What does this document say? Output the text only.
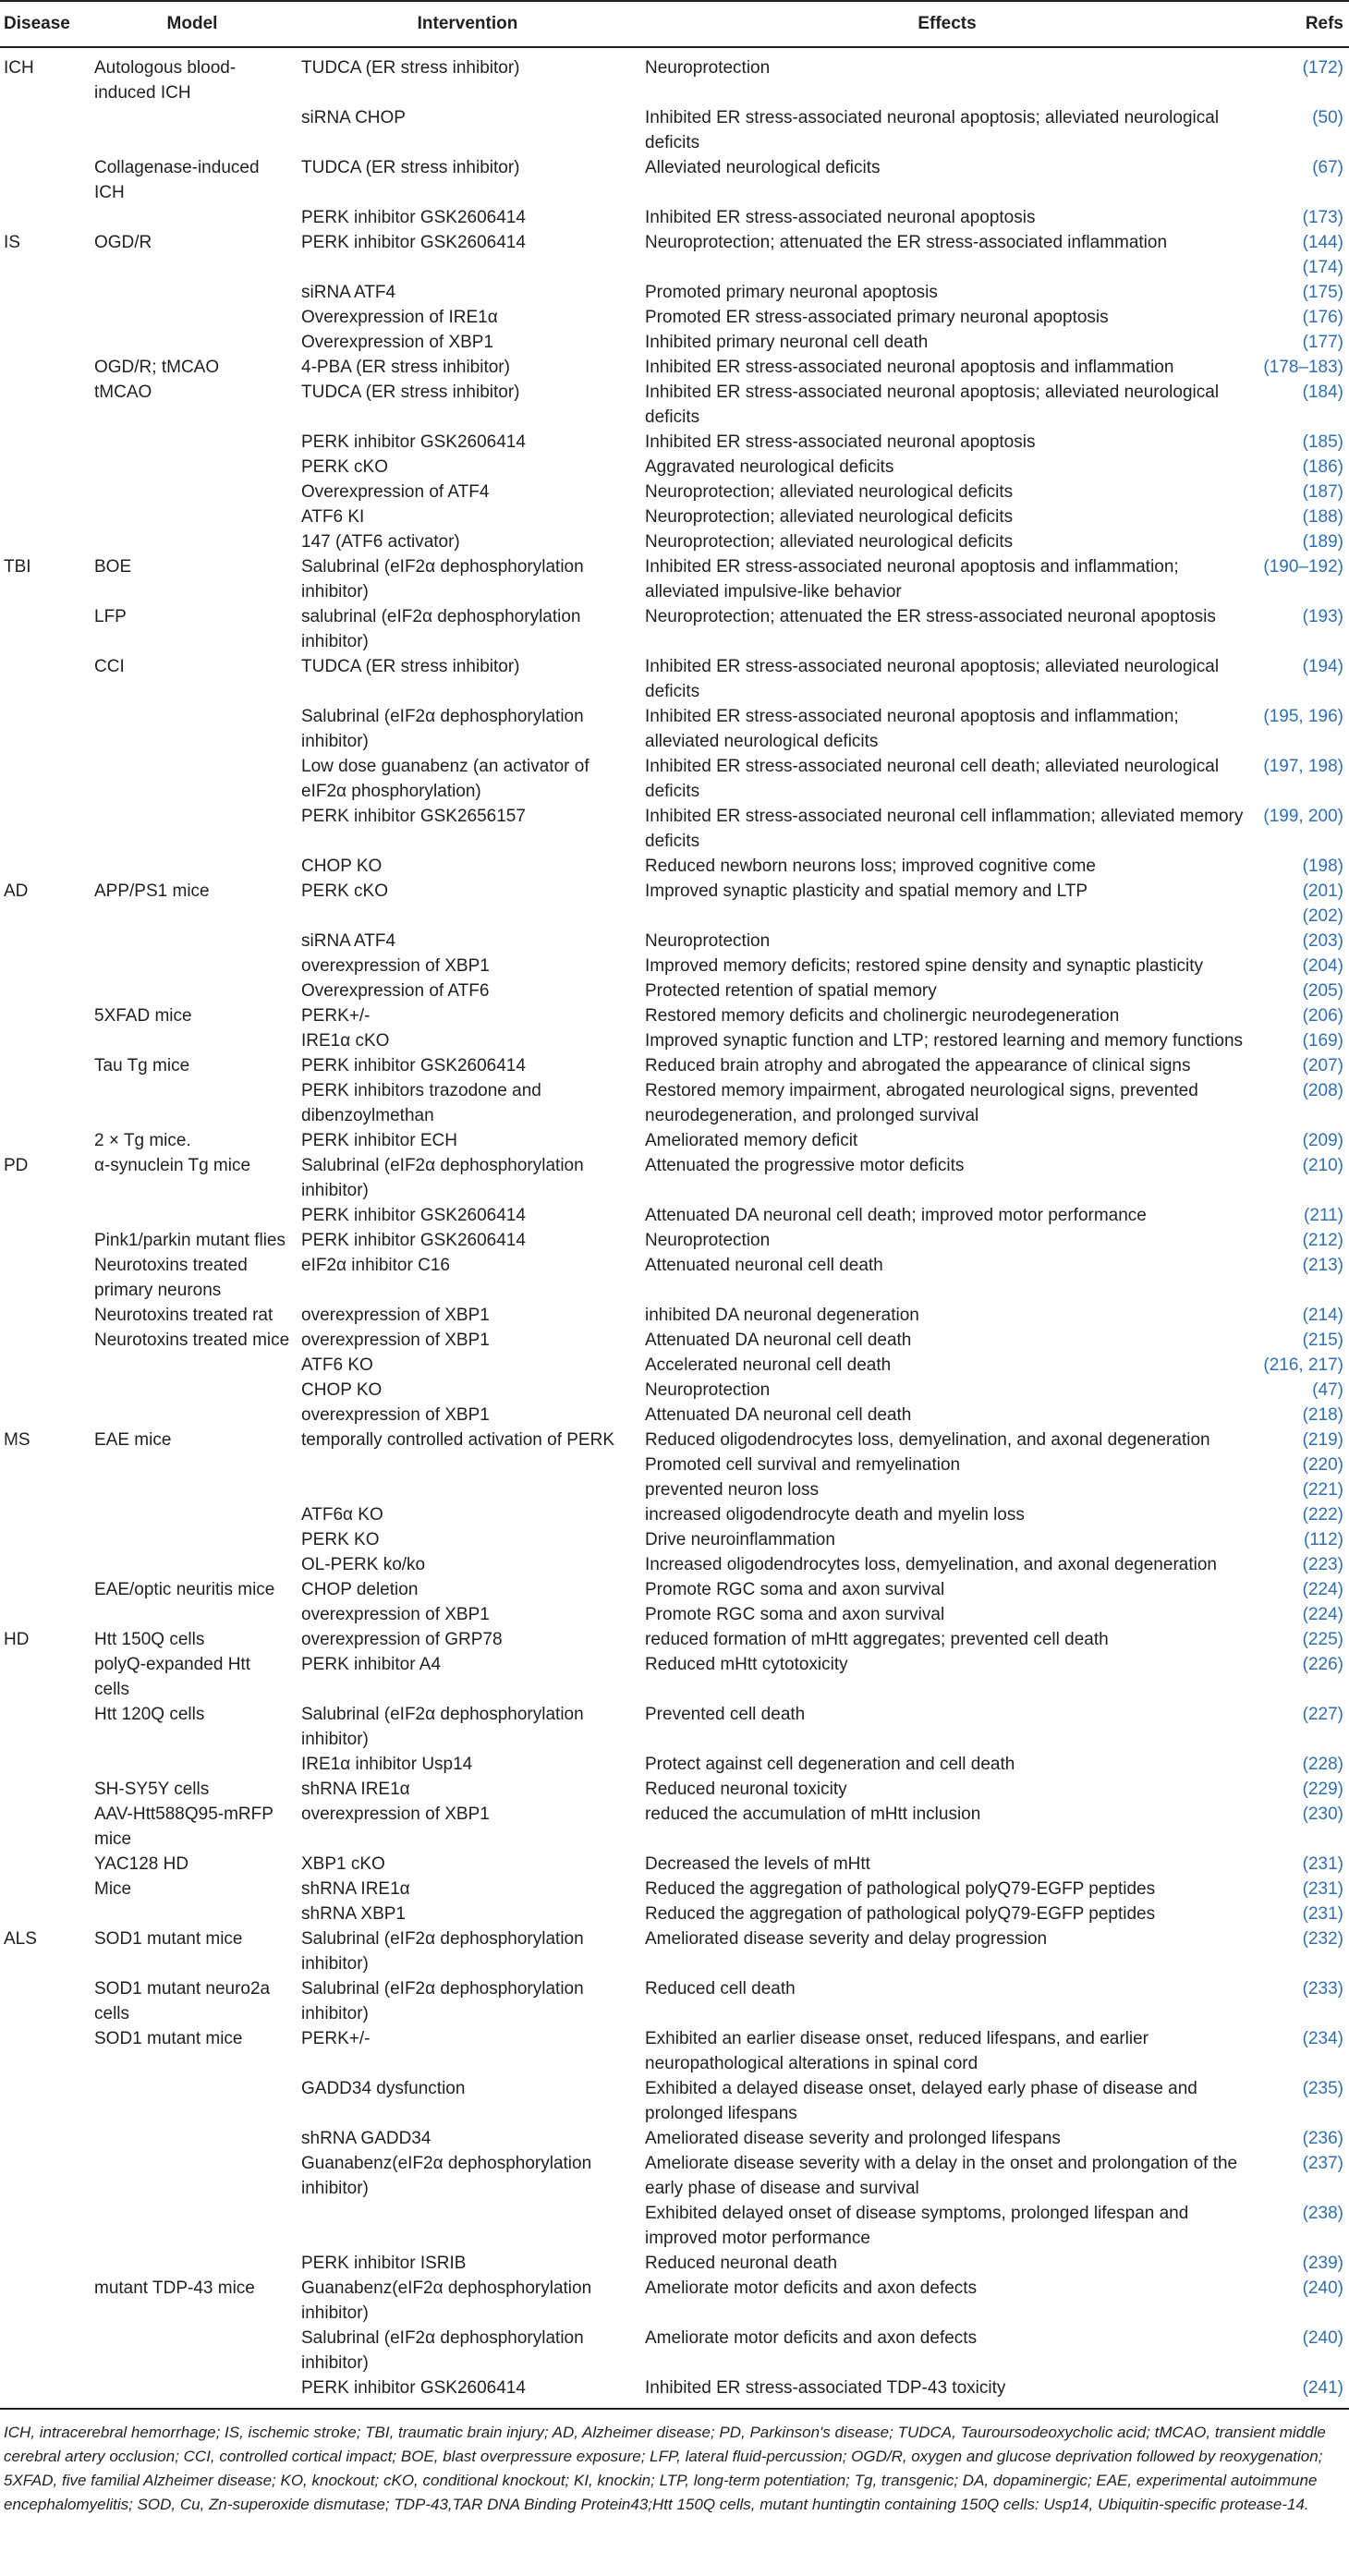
Disease	Model	Intervention	Effects	Refs
ICH	Autologous blood-induced ICH	TUDCA (ER stress inhibitor)	Neuroprotection	(172)
		siRNA CHOP	Inhibited ER stress-associated neuronal apoptosis; alleviated neurological deficits	(50)
	Collagenase-induced ICH	TUDCA (ER stress inhibitor)	Alleviated neurological deficits	(67)
		PERK inhibitor GSK2606414	Inhibited ER stress-associated neuronal apoptosis	(173)
IS	OGD/R	PERK inhibitor GSK2606414	Neuroprotection; attenuated the ER stress-associated inflammation	(144) (174)
		siRNA ATF4	Promoted primary neuronal apoptosis	(175)
		Overexpression of IRE1α	Promoted ER stress-associated primary neuronal apoptosis	(176)
		Overexpression of XBP1	Inhibited primary neuronal cell death	(177)
	OGD/R; tMCAO	4-PBA (ER stress inhibitor)	Inhibited ER stress-associated neuronal apoptosis and inflammation	(178–183)
	tMCAO	TUDCA (ER stress inhibitor)	Inhibited ER stress-associated neuronal apoptosis; alleviated neurological deficits	(184)
		PERK inhibitor GSK2606414	Inhibited ER stress-associated neuronal apoptosis	(185)
		PERK cKO	Aggravated neurological deficits	(186)
		Overexpression of ATF4	Neuroprotection; alleviated neurological deficits	(187)
		ATF6 KI	Neuroprotection; alleviated neurological deficits	(188)
		147 (ATF6 activator)	Neuroprotection; alleviated neurological deficits	(189)
TBI	BOE	Salubrinal (eIF2α dephosphorylation inhibitor)	Inhibited ER stress-associated neuronal apoptosis and inflammation; alleviated impulsive-like behavior	(190–192)
	LFP	salubrinal (eIF2α dephosphorylation inhibitor)	Neuroprotection; attenuated the ER stress-associated neuronal apoptosis	(193)
	CCI	TUDCA (ER stress inhibitor)	Inhibited ER stress-associated neuronal apoptosis; alleviated neurological deficits	(194)
		Salubrinal (eIF2α dephosphorylation inhibitor)	Inhibited ER stress-associated neuronal apoptosis and inflammation; alleviated neurological deficits	(195, 196)
		Low dose guanabenz (an activator of eIF2α phosphorylation)	Inhibited ER stress-associated neuronal cell death; alleviated neurological deficits	(197, 198)
		PERK inhibitor GSK2656157	Inhibited ER stress-associated neuronal cell inflammation; alleviated memory deficits	(199, 200)
		CHOP KO	Reduced newborn neurons loss; improved cognitive come	(198)
AD	APP/PS1 mice	PERK cKO	Improved synaptic plasticity and spatial memory and LTP	(201) (202)
		siRNA ATF4	Neuroprotection	(203)
		overexpression of XBP1	Improved memory deficits; restored spine density and synaptic plasticity	(204)
		Overexpression of ATF6	Protected retention of spatial memory	(205)
	5XFAD mice	PERK+/-	Restored memory deficits and cholinergic neurodegeneration	(206)
		IRE1α cKO	Improved synaptic function and LTP; restored learning and memory functions	(169)
	Tau Tg mice	PERK inhibitor GSK2606414	Reduced brain atrophy and abrogated the appearance of clinical signs	(207)
		PERK inhibitors trazodone and dibenzoylmethan	Restored memory impairment, abrogated neurological signs, prevented neurodegeneration, and prolonged survival	(208)
	2 × Tg mice.	PERK inhibitor ECH	Ameliorated memory deficit	(209)
PD	α-synuclein Tg mice	Salubrinal (eIF2α dephosphorylation inhibitor)	Attenuated the progressive motor deficits	(210)
		PERK inhibitor GSK2606414	Attenuated DA neuronal cell death; improved motor performance	(211)
	Pink1/parkin mutant flies	PERK inhibitor GSK2606414	Neuroprotection	(212)
	Neurotoxins treated primary neurons	eIF2α inhibitor C16	Attenuated neuronal cell death	(213)
	Neurotoxins treated rat	overexpression of XBP1	inhibited DA neuronal degeneration	(214)
	Neurotoxins treated mice	overexpression of XBP1	Attenuated DA neuronal cell death	(215)
		ATF6 KO	Accelerated neuronal cell death	(216, 217)
		CHOP KO	Neuroprotection	(47)
		overexpression of XBP1	Attenuated DA neuronal cell death	(218)
MS	EAE mice	temporally controlled activation of PERK	Reduced oligodendrocytes loss, demyelination, and axonal degeneration	(219)
			Promoted cell survival and remyelination	(220)
			prevented neuron loss	(221)
		ATF6α KO	increased oligodendrocyte death and myelin loss	(222)
		PERK KO	Drive neuroinflammation	(112)
		OL-PERK ko/ko	Increased oligodendrocytes loss, demyelination, and axonal degeneration	(223)
	EAE/optic neuritis mice	CHOP deletion	Promote RGC soma and axon survival	(224)
		overexpression of XBP1	Promote RGC soma and axon survival	(224)
HD	Htt 150Q cells	overexpression of GRP78	reduced formation of mHtt aggregates; prevented cell death	(225)
	polyQ-expanded Htt cells	PERK inhibitor A4	Reduced mHtt cytotoxicity	(226)
	Htt 120Q cells	Salubrinal (eIF2α dephosphorylation inhibitor)	Prevented cell death	(227)
		IRE1α inhibitor Usp14	Protect against cell degeneration and cell death	(228)
	SH-SY5Y cells	shRNA IRE1α	Reduced neuronal toxicity	(229)
	AAV-Htt588Q95-mRFP mice	overexpression of XBP1	reduced the accumulation of mHtt inclusion	(230)
	YAC128 HD	XBP1 cKO	Decreased the levels of mHtt	(231)
	Mice	shRNA IRE1α	Reduced the aggregation of pathological polyQ79-EGFP peptides	(231)
		shRNA XBP1	Reduced the aggregation of pathological polyQ79-EGFP peptides	(231)
ALS	SOD1 mutant mice	Salubrinal (eIF2α dephosphorylation inhibitor)	Ameliorated disease severity and delay progression	(232)
	SOD1 mutant neuro2a cells	Salubrinal (eIF2α dephosphorylation inhibitor)	Reduced cell death	(233)
	SOD1 mutant mice	PERK+/-	Exhibited an earlier disease onset, reduced lifespans, and earlier neuropathological alterations in spinal cord	(234)
		GADD34 dysfunction	Exhibited a delayed disease onset, delayed early phase of disease and prolonged lifespans	(235)
		shRNA GADD34	Ameliorated disease severity and prolonged lifespans	(236)
		Guanabenz(eIF2α dephosphorylation inhibitor)	Ameliorate disease severity with a delay in the onset and prolongation of the early phase of disease and survival	(237)
			Exhibited delayed onset of disease symptoms, prolonged lifespan and improved motor performance	(238)
		PERK inhibitor ISRIB	Reduced neuronal death	(239)
	mutant TDP-43 mice	Guanabenz(eIF2α dephosphorylation inhibitor)	Ameliorate motor deficits and axon defects	(240)
		Salubrinal (eIF2α dephosphorylation inhibitor)	Ameliorate motor deficits and axon defects	(240)
		PERK inhibitor GSK2606414	Inhibited ER stress-associated TDP-43 toxicity	(241)
ICH, intracerebral hemorrhage; IS, ischemic stroke; TBI, traumatic brain injury; AD, Alzheimer disease; PD, Parkinson's disease; TUDCA, Tauroursodeoxycholic acid; tMCAO, transient middle cerebral artery occlusion; CCI, controlled cortical impact; BOE, blast overpressure exposure; LFP, lateral fluid-percussion; OGD/R, oxygen and glucose deprivation followed by reoxygenation; 5XFAD, five familial Alzheimer disease; KO, knockout; cKO, conditional knockout; KI, knockin; LTP, long-term potentiation; Tg, transgenic; DA, dopaminergic; EAE, experimental autoimmune encephalomyelitis; SOD, Cu, Zn-superoxide dismutase; TDP-43,TAR DNA Binding Protein43;Htt 150Q cells, mutant huntingtin containing 150Q cells: Usp14, Ubiquitin-specific protease-14.
